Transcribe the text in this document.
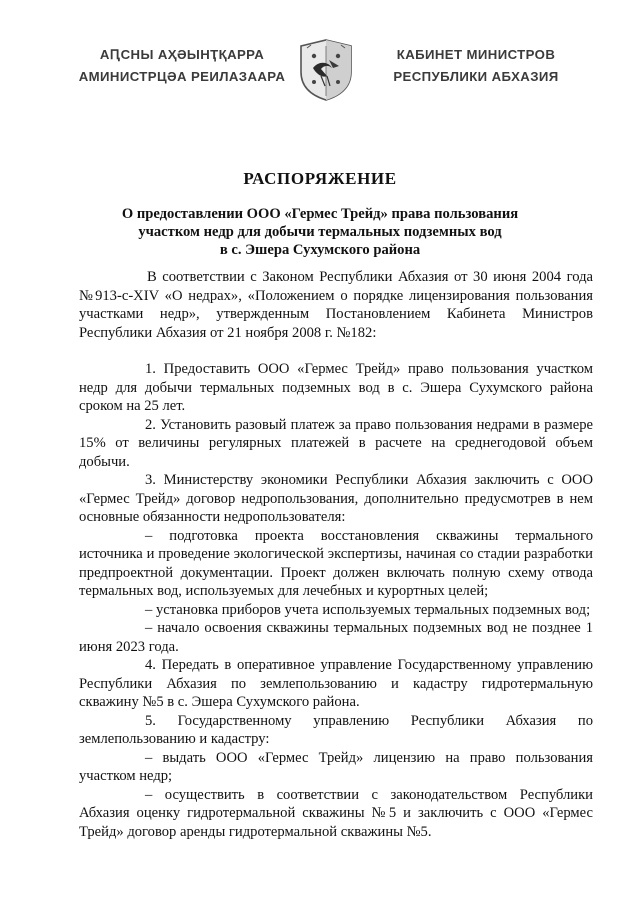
АԤСНЫ АҲӘЫНҬҚАРРА
АМИНИСТРЦӘА РЕИЛАЗААРА
КАБИНЕТ МИНИСТРОВ
РЕСПУБЛИКИ АБХАЗИЯ
РАСПОРЯЖЕНИЕ
О предоставлении ООО «Гермес Трейд» права пользования
участком недр для добычи термальных подземных вод
в с. Эшера Сухумского района

В соответствии с Законом Республики Абхазия от 30 июня 2004 года №913-с-XIV «О недрах», «Положением о порядке лицензирования пользования участками недр», утвержденным Постановлением Кабинета Министров Республики Абхазия от 21 ноября 2008 г. №182:

1. Предоставить ООО «Гермес Трейд» право пользования участком недр для добычи термальных подземных вод в с. Эшера Сухумского района сроком на 25 лет.

2. Установить разовый платеж за право пользования недрами в размере 15% от величины регулярных платежей в расчете на среднегодовой объем добычи.

3. Министерству экономики Республики Абхазия заключить с ООО «Гермес Трейд» договор недропользования, дополнительно предусмотрев в нем основные обязанности недропользователя:

– подготовка проекта восстановления скважины термального источника и проведение экологической экспертизы, начиная со стадии разработки предпроектной документации. Проект должен включать полную схему отвода термальных вод, используемых для лечебных и курортных целей;

– установка приборов учета используемых термальных подземных вод;

– начало освоения скважины термальных подземных вод не позднее 1 июня 2023 года.

4. Передать в оперативное управление Государственному управлению Республики Абхазия по землепользованию и кадастру гидротермальную скважину №5 в с. Эшера Сухумского района.

5. Государственному управлению Республики Абхазия по землепользованию и кадастру:

– выдать ООО «Гермес Трейд» лицензию на право пользования участком недр;

– осуществить в соответствии с законодательством Республики Абхазия оценку гидротермальной скважины №5 и заключить с ООО «Гермес Трейд» договор аренды гидротермальной скважины №5.
